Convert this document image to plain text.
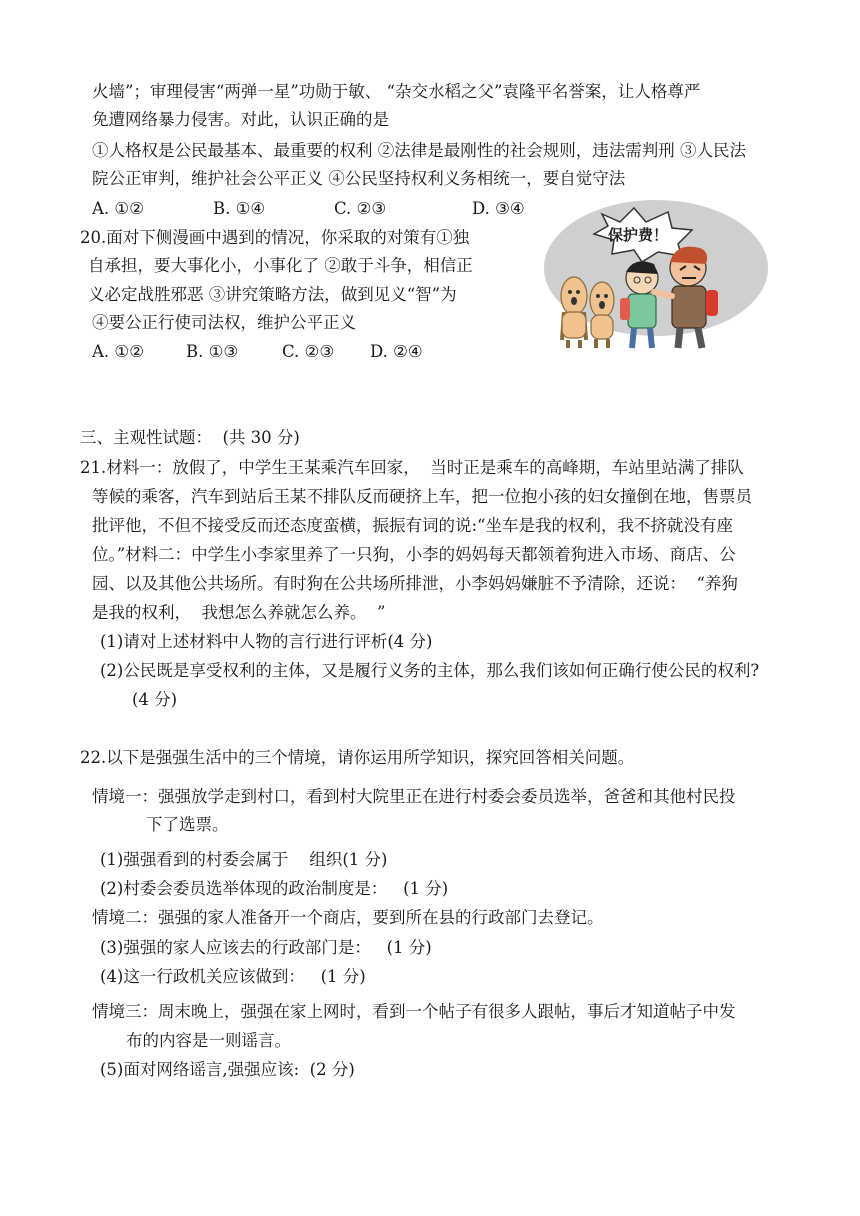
火墙”；审理侵害“两弹一星”功勋于敏、 “杂交水稻之父”袁隆平名誉案，让人格尊严
免遭网络暴力侵害。对此，认识正确的是
①人格权是公民最基本、最重要的权利 ②法律是最刚性的社会规则，违法需判刑 ③人民法
院公正审判，维护社会公平正义 ④公民坚持权利义务相统一，要自觉守法
A. ①②	B. ①④	C. ②③	D. ③④
20.面对下侧漫画中遇到的情况，你采取的对策有①独
自承担，要大事化小，小事化了 ②敢于斗争，相信正
义必定战胜邪恶 ③讲究策略方法，做到见义“智”为
④要公正行使司法权，维护公平正义
A. ①②	B. ①③	C. ②③ D. ②④
保护费！
三、主观性试题：  (共 30 分)
21.材料一：放假了，中学生王某乘汽车回家，  当时正是乘车的高峰期，车站里站满了排队
等候的乘客，汽车到站后王某不排队反而硬挤上车，把一位抱小孩的妇女撞倒在地，售票员
批评他，不但不接受反而还态度蛮横，振振有词的说:“坐车是我的权利，我不挤就没有座
位。”材料二：中学生小李家里养了一只狗，小李的妈妈每天都领着狗进入市场、商店、公
园、以及其他公共场所。有时狗在公共场所排泄，小李妈妈嫌脏不予清除，还说：  “养狗
是我的权利，  我想怎么养就怎么养。  ”
(1)请对上述材料中人物的言行进行评析(4 分)
(2)公民既是享受权利的主体，又是履行义务的主体，那么我们该如何正确行使公民的权利?
(4 分)
22.以下是强强生活中的三个情境，请你运用所学知识，探究回答相关问题。
情境一：强强放学走到村口，看到村大院里正在进行村委会委员选举，爸爸和其他村民投
下了选票。
(1)强强看到的村委会属于    组织(1 分)
(2)村委会委员选举体现的政治制度是：   (1 分)
情境二：强强的家人准备开一个商店，要到所在县的行政部门去登记。
(3)强强的家人应该去的行政部门是：   (1 分)
(4)这一行政机关应该做到：   (1 分)
情境三：周末晚上，强强在家上网时，看到一个帖子有很多人跟帖，事后才知道帖子中发
布的内容是一则谣言。
(5)面对网络谣言,强强应该:  (2 分)
